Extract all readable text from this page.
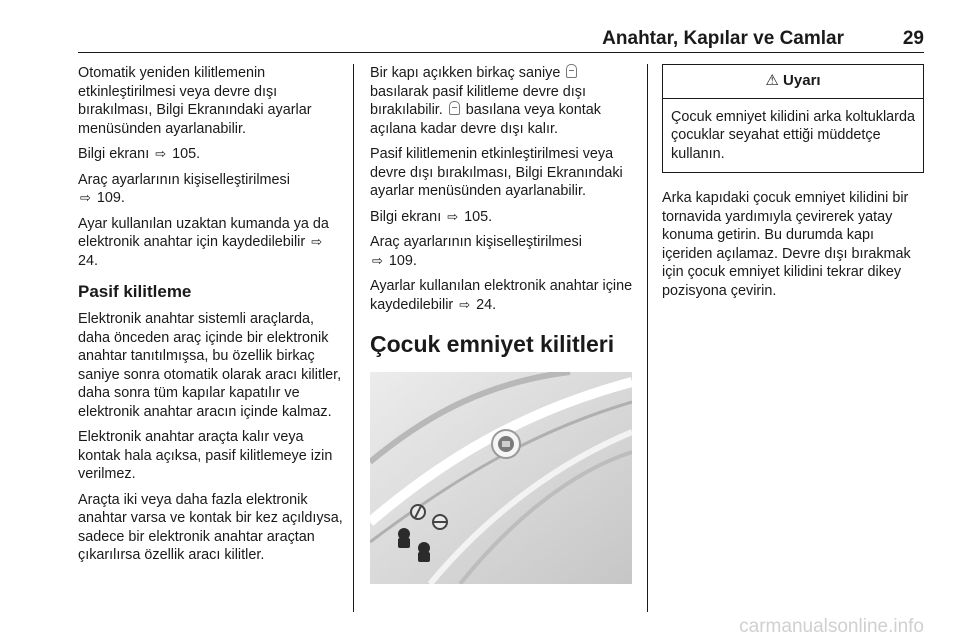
Anahtar, Kapılar ve Camlar	29
Otomatik yeniden kilitlemenin etkinleştirilmesi veya devre dışı bırakılması, Bilgi Ekranındaki ayarlar menüsünden ayarlanabilir.
Bilgi ekranı ⇨ 105.
Araç ayarlarının kişiselleştirilmesi
⇨ 109.
Ayar kullanılan uzaktan kumanda ya da elektronik anahtar için kaydedilebilir ⇨ 24.
Pasif kilitleme
Elektronik anahtar sistemli araçlarda, daha önceden araç içinde bir elektronik anahtar tanıtılmışsa, bu özellik birkaç saniye sonra otomatik olarak aracı kilitler, daha sonra tüm kapılar kapatılır ve elektronik anahtar aracın içinde kalmaz.
Elektronik anahtar araçta kalır veya kontak hala açıksa, pasif kilitlemeye izin verilmez.
Araçta iki veya daha fazla elektronik anahtar varsa ve kontak bir kez açıldıysa, sadece bir elektronik anahtar araçtan çıkarılırsa özellik aracı kilitler.
Bir kapı açıkken birkaç saniye  basılarak pasif kilitleme devre dışı bırakılabilir. basılana veya kontak açılana kadar devre dışı kalır.
Pasif kilitlemenin etkinleştirilmesi veya devre dışı bırakılması, Bilgi Ekranındaki ayarlar menüsünden ayarlanabilir.
Bilgi ekranı ⇨ 105.
Araç ayarlarının kişiselleştirilmesi
⇨ 109.
Ayarlar kullanılan elektronik anahtar içine kaydedilebilir ⇨ 24.
Çocuk emniyet kilitleri
⚠ Uyarı
Çocuk emniyet kilidini arka koltuklarda çocuklar seyahat ettiği müddetçe kullanın.
Arka kapıdaki çocuk emniyet kilidini bir tornavida yardımıyla çevirerek yatay konuma getirin. Bu durumda kapı içeriden açılamaz. Devre dışı bırakmak için çocuk emniyet kilidini tekrar dikey pozisyona çevirin.
carmanualsonline.info
